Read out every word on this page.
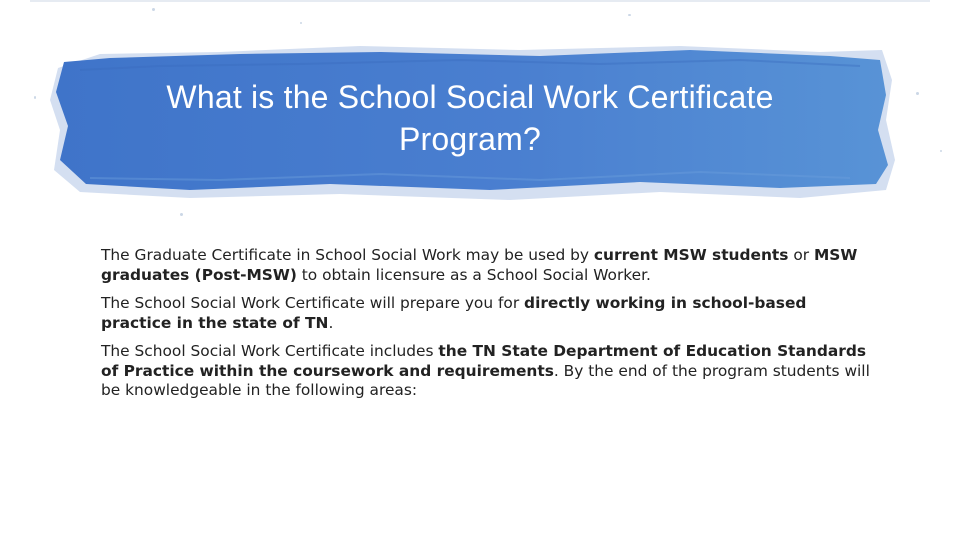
What is the School Social Work Certificate Program?

The Graduate Certificate in School Social Work may be used by current MSW students or MSW graduates (Post-MSW) to obtain licensure as a School Social Worker.

The School Social Work Certificate will prepare you for directly working in school-based practice in the state of TN.

The School Social Work Certificate includes the TN State Department of Education Standards of Practice within the coursework and requirements. By the end of the program students will be knowledgeable in the following areas:
